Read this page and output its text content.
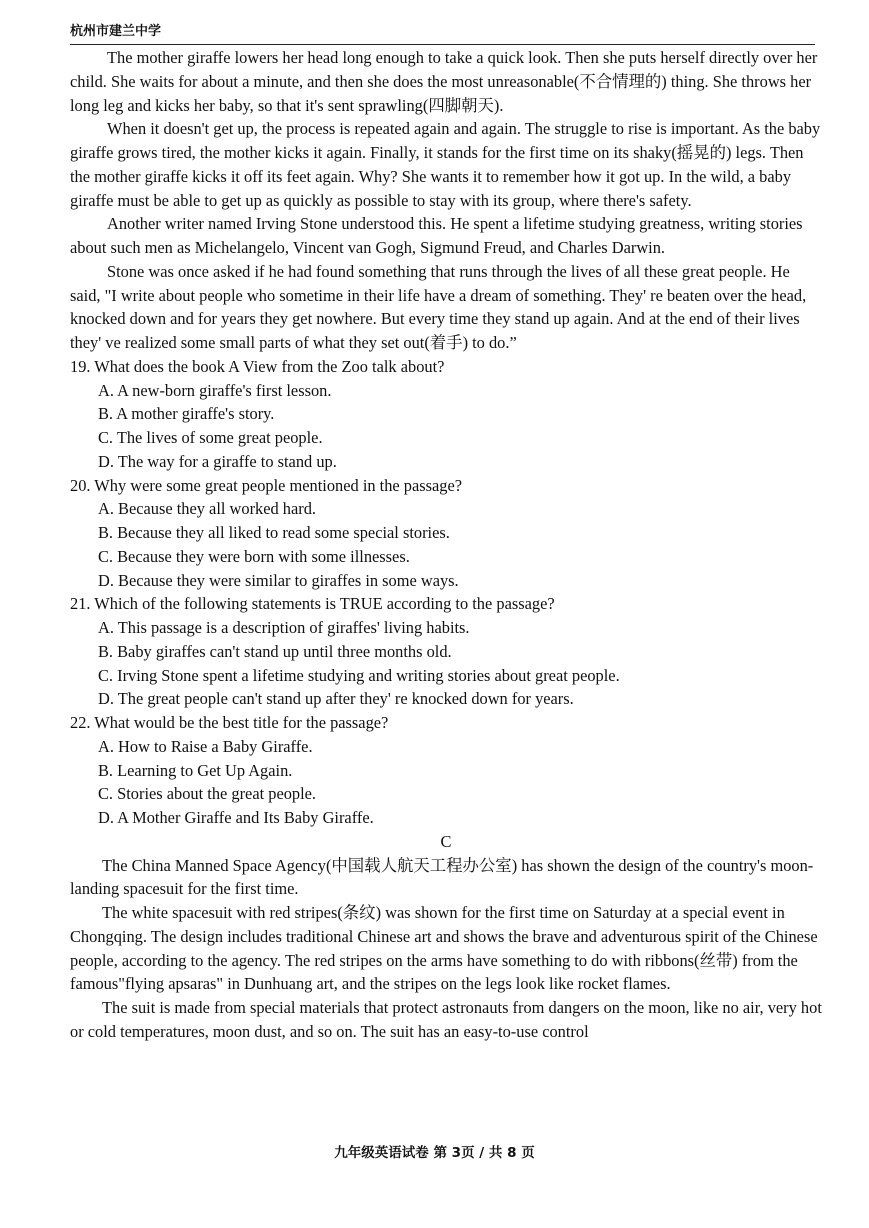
杭州市建兰中学

The mother giraffe lowers her head long enough to take a quick look. Then she puts herself directly over her child. She waits for about a minute, and then she does the most unreasonable(不合情理的) thing. She throws her long leg and kicks her baby, so that it's sent sprawling(四脚朝天).

When it doesn't get up, the process is repeated again and again. The struggle to rise is important. As the baby giraffe grows tired, the mother kicks it again. Finally, it stands for the first time on its shaky(摇晃的) legs. Then the mother giraffe kicks it off its feet again. Why? She wants it to remember how it got up. In the wild, a baby giraffe must be able to get up as quickly as possible to stay with its group, where there's safety.

Another writer named Irving Stone understood this. He spent a lifetime studying greatness, writing stories about such men as Michelangelo, Vincent van Gogh, Sigmund Freud, and Charles Darwin.

Stone was once asked if he had found something that runs through the lives of all these great people. He said, "I write about people who sometime in their life have a dream of something. They' re beaten over the head, knocked down and for years they get nowhere. But every time they stand up again. And at the end of their lives they' ve realized some small parts of what they set out(着手) to do.”

19. What does the book A View from the Zoo talk about?

A. A new-born giraffe's first lesson.

B. A mother giraffe's story.

C. The lives of some great people.

D. The way for a giraffe to stand up.

20. Why were some great people mentioned in the passage?

A. Because they all worked hard.

B. Because they all liked to read some special stories.

C. Because they were born with some illnesses.

D. Because they were similar to giraffes in some ways.

21. Which of the following statements is TRUE according to the passage?

A. This passage is a description of giraffes' living habits.

B. Baby giraffes can't stand up until three months old.

C. Irving Stone spent a lifetime studying and writing stories about great people.

D. The great people can't stand up after they' re knocked down for years.

22. What would be the best title for the passage?

A. How to Raise a Baby Giraffe.

B. Learning to Get Up Again.

C. Stories about the great people.

D. A Mother Giraffe and Its Baby Giraffe.

C

The China Manned Space Agency(中国载人航天工程办公室) has shown the design of the country's moon-landing spacesuit for the first time.

The white spacesuit with red stripes(条纹) was shown for the first time on Saturday at a special event in Chongqing. The design includes traditional Chinese art and shows the brave and adventurous spirit of the Chinese people, according to the agency. The red stripes on the arms have something to do with ribbons(丝带) from the famous"flying apsaras" in Dunhuang art, and the stripes on the legs look like rocket flames.

The suit is made from special materials that protect astronauts from dangers on the moon, like no air, very hot or cold temperatures, moon dust, and so on. The suit has an easy-to-use control

九年级英语试卷 第 3页 / 共 8 页
